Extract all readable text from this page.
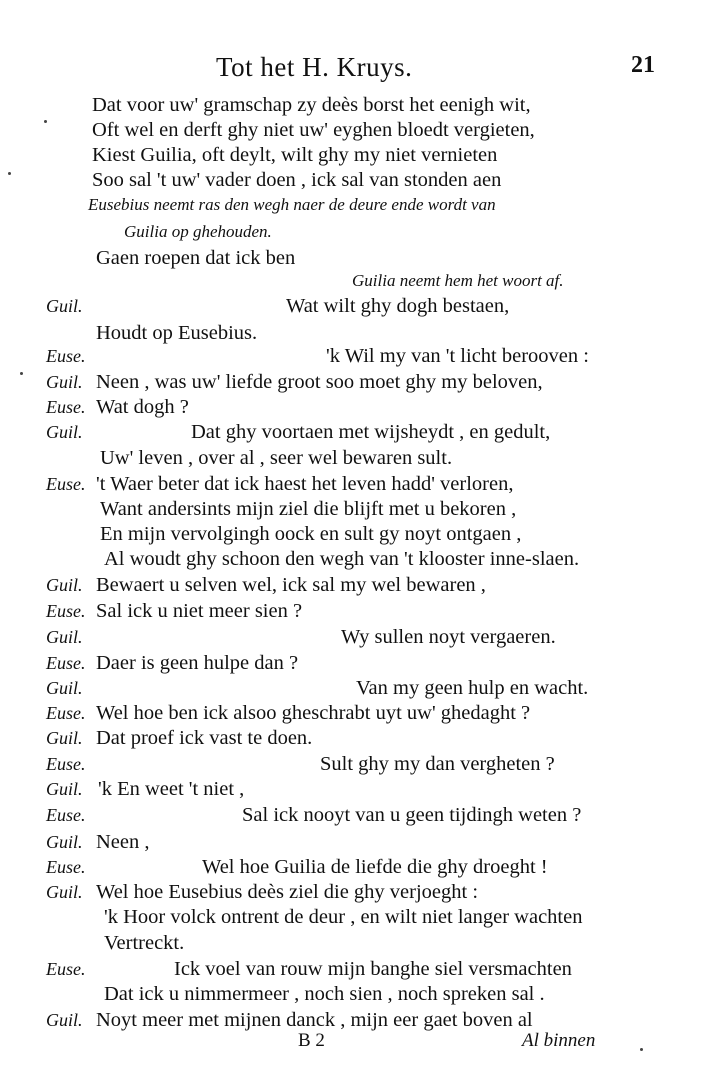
Tot het H. Kruys.	21
Dat voor uw' gramschap zy deès borst het eenigh wit,
Oft wel en derft ghy niet uw' eyghen bloedt vergieten,
Kiest Guilia, oft deylt, wilt ghy my niet vernieten
Soo sal 't uw' vader doen , ick sal van stonden aen
Eusebius neemt ras den wegh naer de deure ende wordt van
Guilia op ghehouden.
Gaen roepen dat ick ben
Guilia neemt hem het woort af.
Guil.	Wat wilt ghy dogh bestaen,
Houdt op Eusebius.
Euse.	'k Wil my van 't licht berooven :
Guil. Neen , was uw' liefde groot soo moet ghy my beloven,
Euse. Wat dogh ?
Guil.	Dat ghy voortaen met wijsheydt , en gedult,
Uw' leven , over al , seer wel bewaren sult.
Euse. 't Waer beter dat ick haest het leven hadd' verloren,
Want andersints mijn ziel die blijft met u bekoren ,
En mijn vervolgingh oock en sult gy noyt ontgaen ,
Al woudt ghy schoon den wegh van 't klooster inne-slaen.
Guil. Bewaert u selven wel, ick sal my wel bewaren ,
Euse. Sal ick u niet meer sien ?
Guil.	Wy sullen noyt vergaeren.
Euse. Daer is geen hulpe dan ?
Guil.	Van my geen hulp en wacht.
Euse. Wel hoe ben ick alsoo gheschrabt uyt uw' ghedaght ?
Guil. Dat proef ick vast te doen.
Euse.	Sult ghy my dan vergheten ?
Guil. 'k En weet 't niet ,
Euse.	Sal ick nooyt van u geen tijdingh weten ?
Guil. Neen ,
Euse.	Wel hoe Guilia de liefde die ghy droeght !
Guil. Wel hoe Eusebius deès ziel die ghy verjoeght :
'k Hoor volck ontrent de deur , en wilt niet langer wachten
Vertreckt.
Euse.	Ick voel van rouw mijn banghe siel versmachten
Dat ick u nimmermeer , noch sien , noch spreken sal .
Guil. Noyt meer met mijnen danck , mijn eer gaet boven al
B 2	Al binnen
